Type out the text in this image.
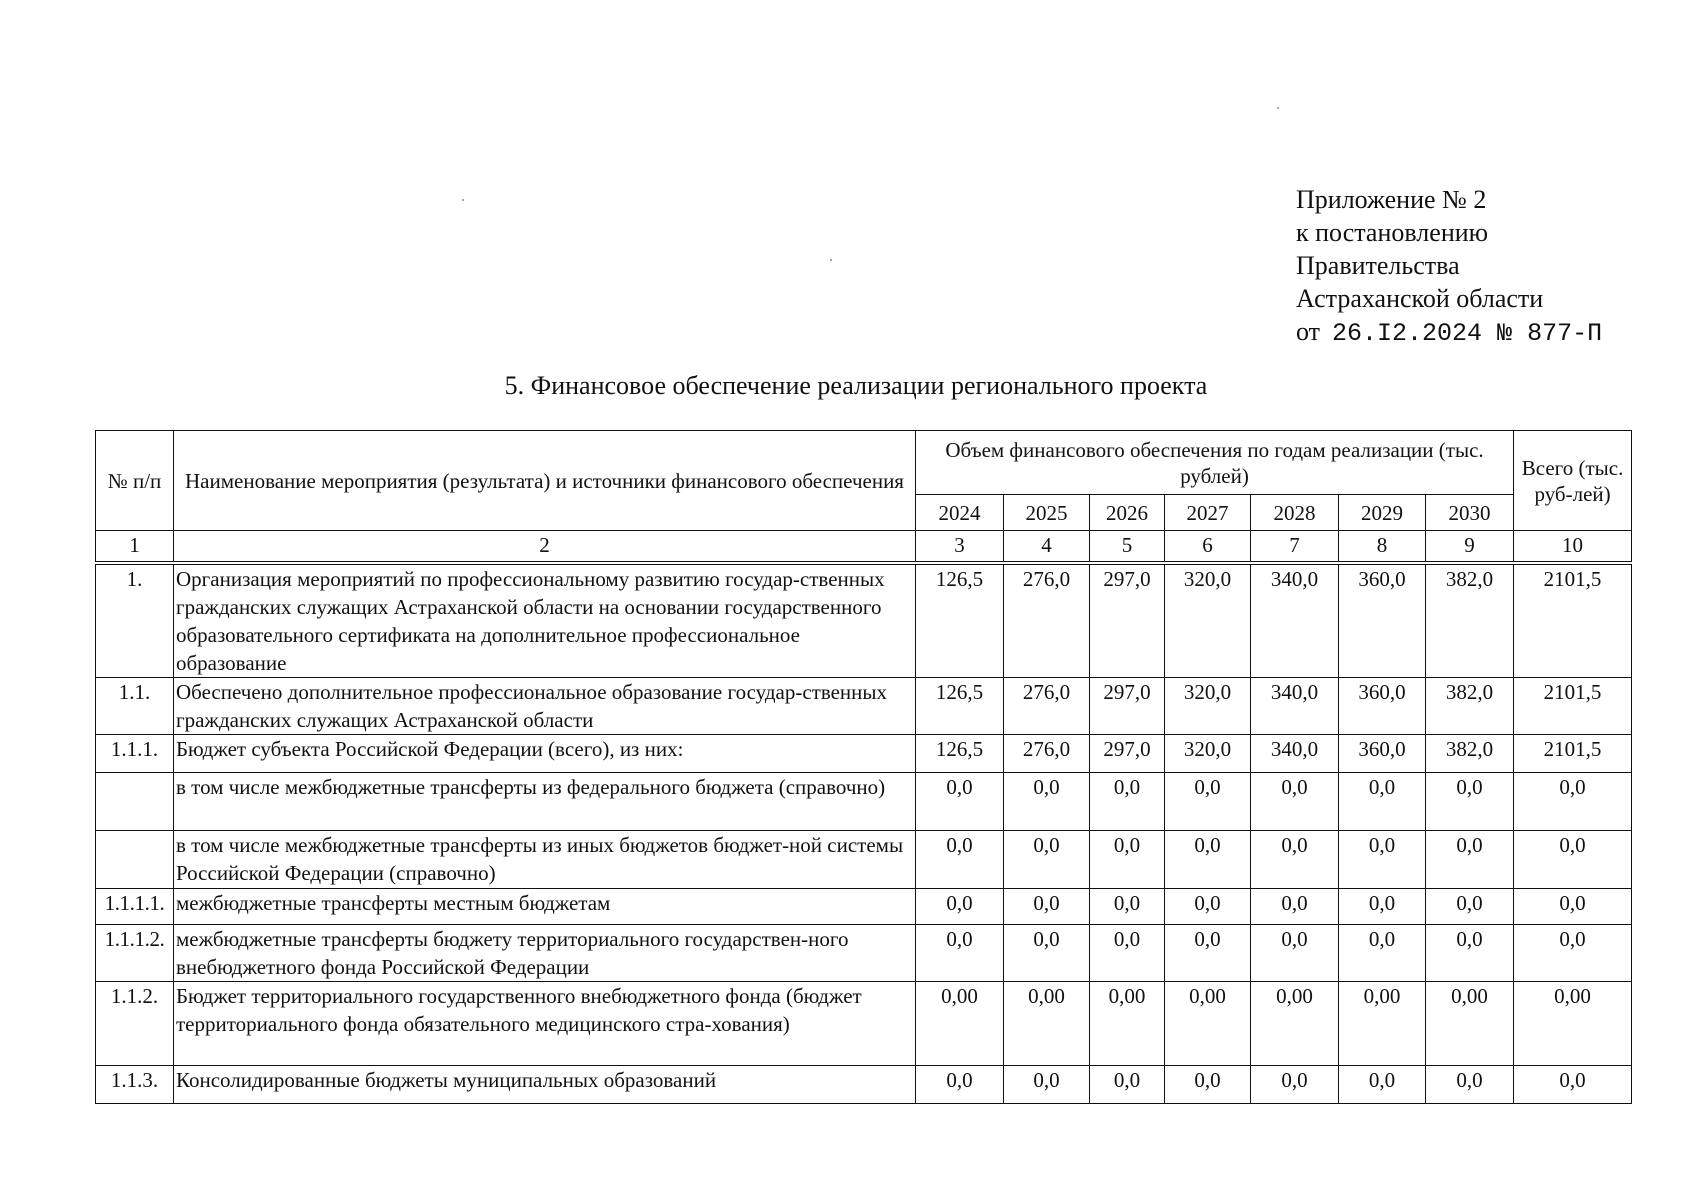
Приложение № 2
к постановлению
Правительства
Астраханской области
от 26.I2.2024 № 877-П
5. Финансовое обеспечение реализации регионального проекта
№ п/п	Наименование мероприятия (результата) и источники финансового обеспечения	Объем финансового обеспечения по годам реализации (тыс. рублей)							Всего (тыс. руб-лей)
		2024	2025	2026	2027	2028	2029	2030	
1	2	3	4	5	6	7	8	9	10
1.	Организация мероприятий по профессиональному развитию государ-ственных гражданских служащих Астраханской области на основании государственного образовательного сертификата на дополнительное профессиональное образование	126,5	276,0	297,0	320,0	340,0	360,0	382,0	2101,5
1.1.	Обеспечено дополнительное профессиональное образование государ-ственных гражданских служащих Астраханской области	126,5	276,0	297,0	320,0	340,0	360,0	382,0	2101,5
1.1.1.	Бюджет субъекта Российской Федерации (всего), из них:	126,5	276,0	297,0	320,0	340,0	360,0	382,0	2101,5
	в том числе межбюджетные трансферты из федерального бюджета (справочно)	0,0	0,0	0,0	0,0	0,0	0,0	0,0	0,0
	в том числе межбюджетные трансферты из иных бюджетов бюджет-ной системы Российской Федерации (справочно)	0,0	0,0	0,0	0,0	0,0	0,0	0,0	0,0
1.1.1.1.	межбюджетные трансферты местным бюджетам	0,0	0,0	0,0	0,0	0,0	0,0	0,0	0,0
1.1.1.2.	межбюджетные трансферты бюджету территориального государствен-ного внебюджетного фонда Российской Федерации	0,0	0,0	0,0	0,0	0,0	0,0	0,0	0,0
1.1.2.	Бюджет территориального государственного внебюджетного фонда (бюджет территориального фонда обязательного медицинского стра-хования)	0,00	0,00	0,00	0,00	0,00	0,00	0,00	0,00
1.1.3.	Консолидированные бюджеты муниципальных образований	0,0	0,0	0,0	0,0	0,0	0,0	0,0	0,0
